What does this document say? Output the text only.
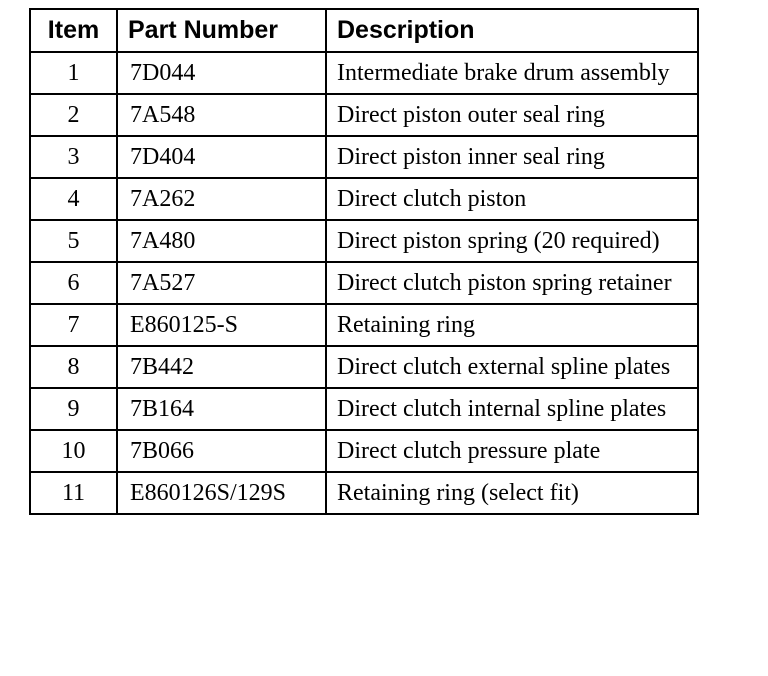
Item	Part Number	Description
1	7D044	Intermediate brake drum assembly
2	7A548	Direct piston outer seal ring
3	7D404	Direct piston inner seal ring
4	7A262	Direct clutch piston
5	7A480	Direct piston spring (20 required)
6	7A527	Direct clutch piston spring retainer
7	E860125-S	Retaining ring
8	7B442	Direct clutch external spline plates
9	7B164	Direct clutch internal spline plates
10	7B066	Direct clutch pressure plate
11	E860126S/129S	Retaining ring (select fit)
